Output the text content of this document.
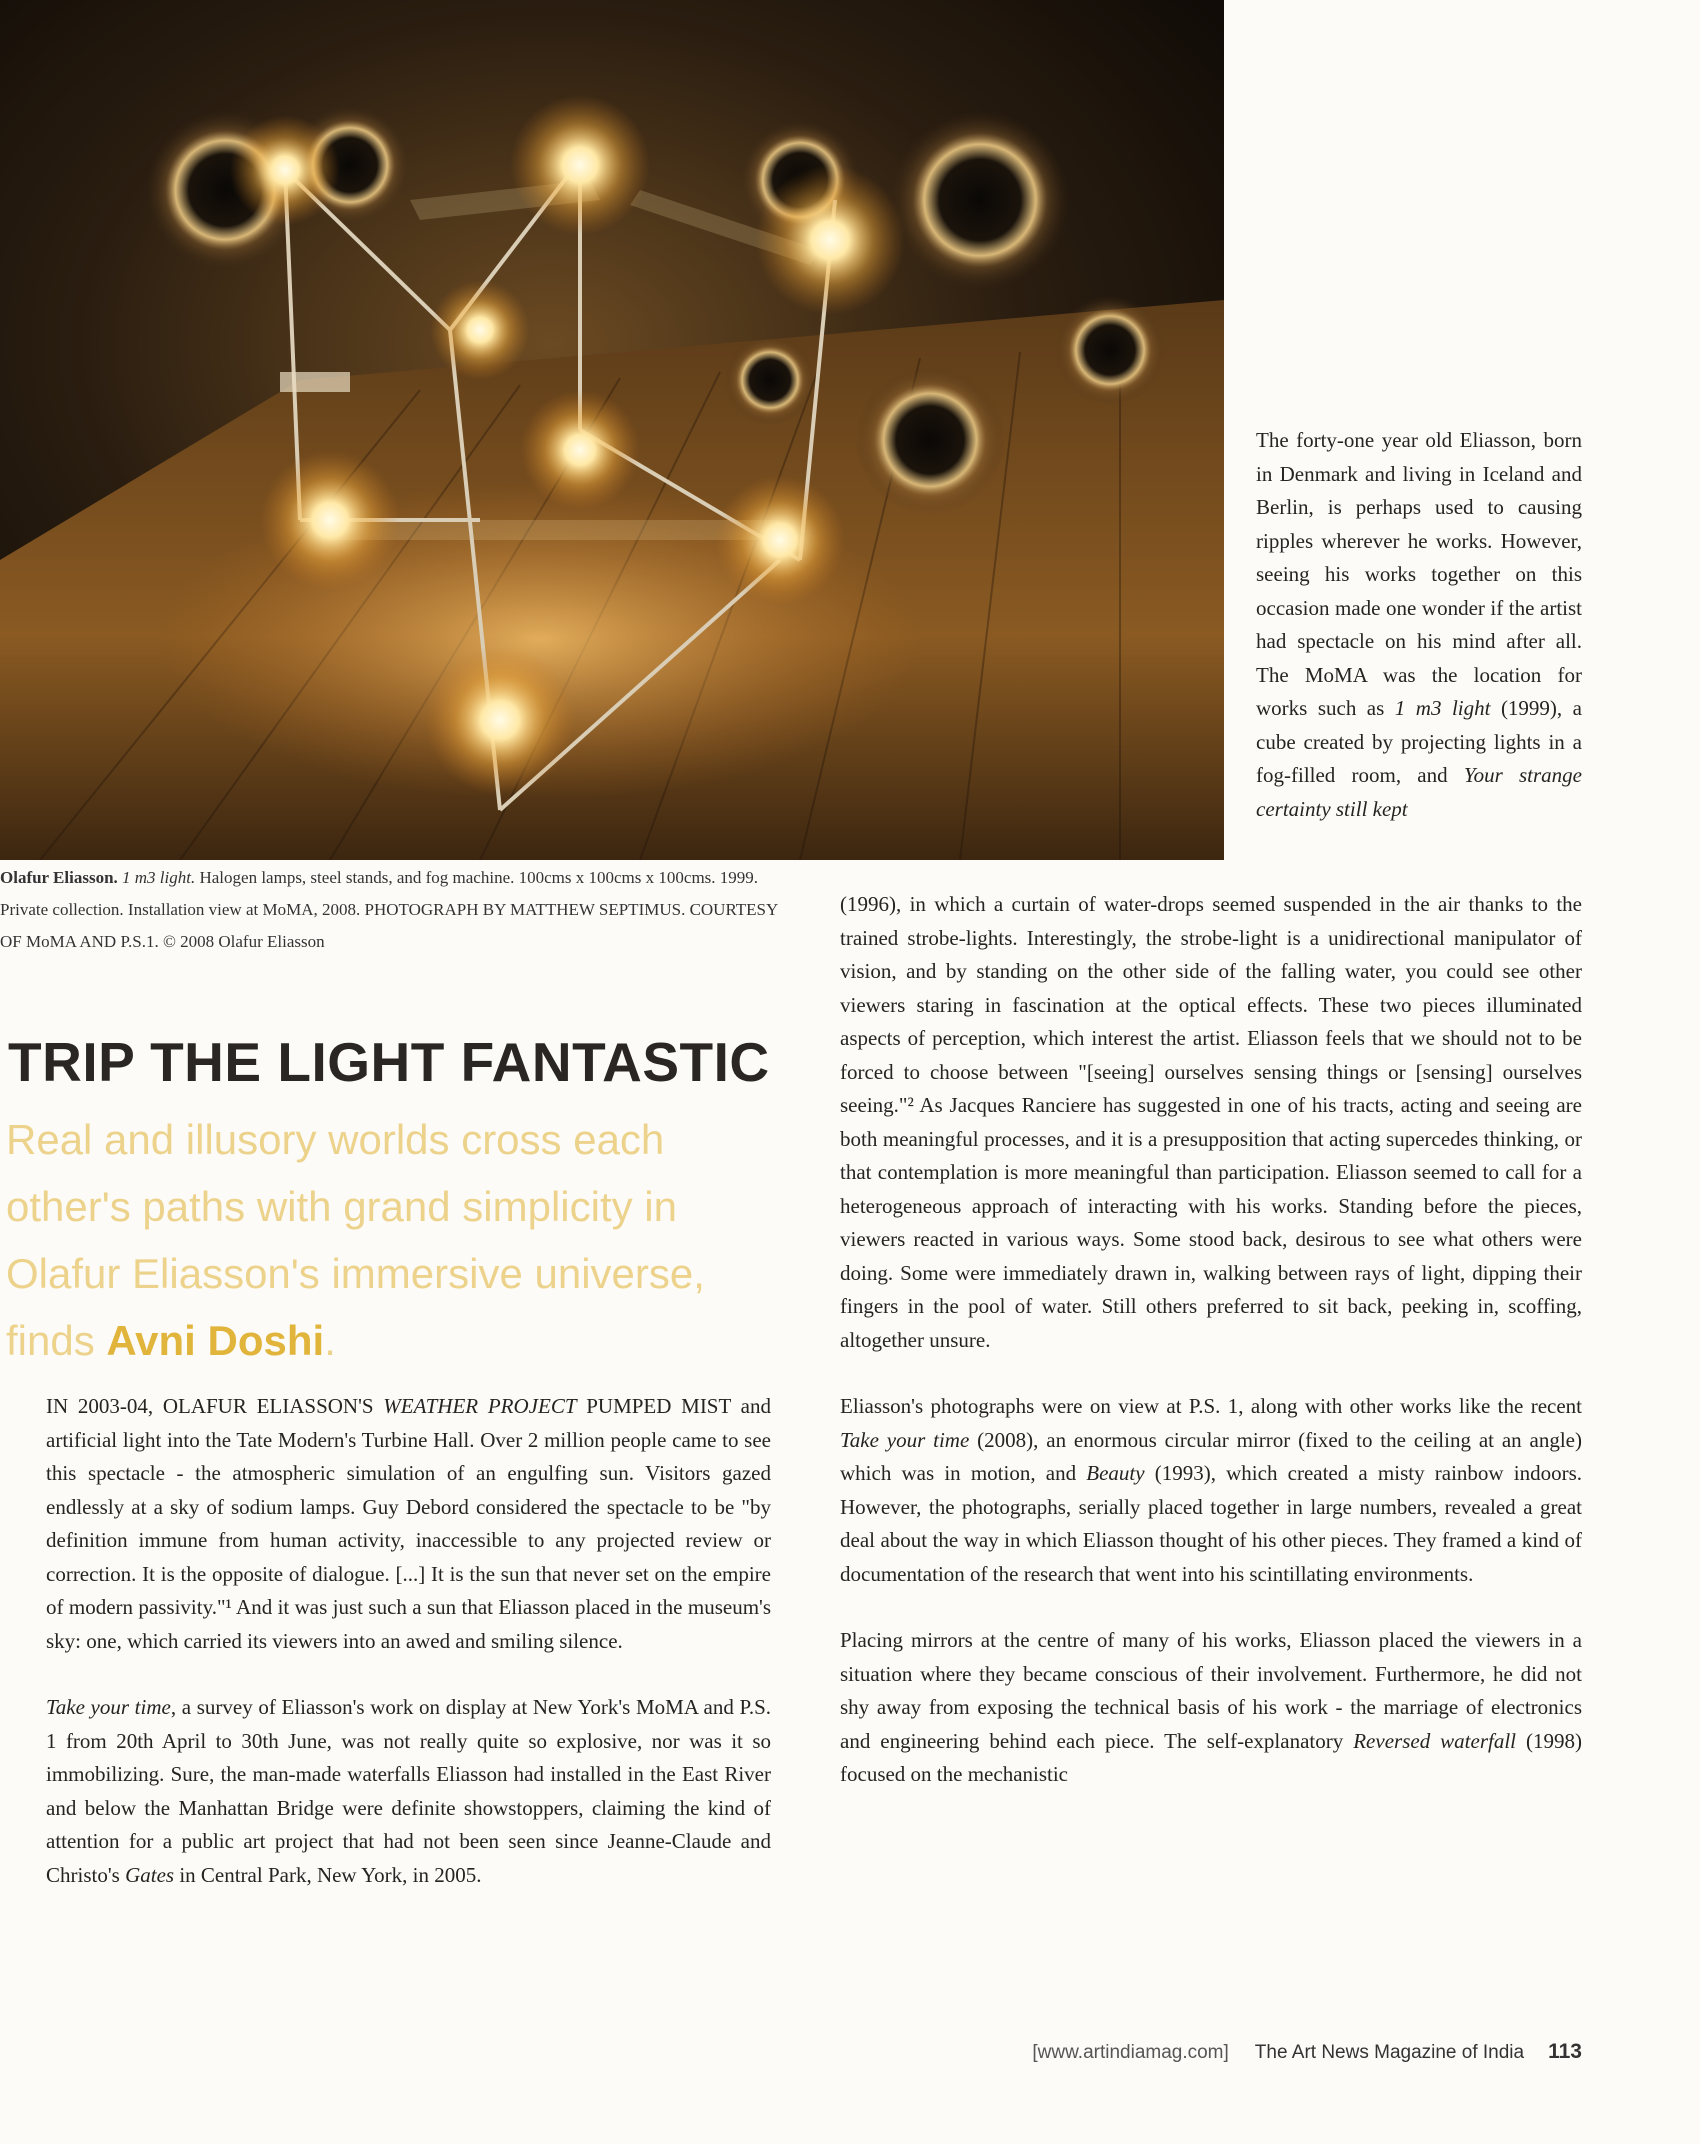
Olafur Eliasson. 1 m3 light. Halogen lamps, steel stands, and fog machine. 100cms x 100cms x 100cms. 1999. Private collection. Installation view at MoMA, 2008. PHOTOGRAPH BY MATTHEW SEPTIMUS. COURTESY OF MoMA AND P.S.1. © 2008 Olafur Eliasson
TRIP THE LIGHT FANTASTIC

Real and illusory worlds cross each other's paths with grand simplicity in Olafur Eliasson's immersive universe, finds Avni Doshi.

IN 2003-04, OLAFUR ELIASSON'S WEATHER PROJECT PUMPED MIST and artificial light into the Tate Modern's Turbine Hall. Over 2 million people came to see this spectacle - the atmospheric simulation of an engulfing sun. Visitors gazed endlessly at a sky of sodium lamps. Guy Debord considered the spectacle to be "by definition immune from human activity, inaccessible to any projected review or correction. It is the opposite of dialogue. [...] It is the sun that never set on the empire of modern passivity."¹ And it was just such a sun that Eliasson placed in the museum's sky: one, which carried its viewers into an awed and smiling silence.

Take your time, a survey of Eliasson's work on display at New York's MoMA and P.S. 1 from 20th April to 30th June, was not really quite so explosive, nor was it so immobilizing. Sure, the man-made waterfalls Eliasson had installed in the East River and below the Manhattan Bridge were definite showstoppers, claiming the kind of attention for a public art project that had not been seen since Jeanne-Claude and Christo's Gates in Central Park, New York, in 2005.

The forty-one year old Eliasson, born in Denmark and living in Iceland and Berlin, is perhaps used to causing ripples wherever he works. However, seeing his works together on this occasion made one wonder if the artist had spectacle on his mind after all. The MoMA was the location for works such as 1 m3 light (1999), a cube created by projecting lights in a fog-filled room, and Your strange certainty still kept

(1996), in which a curtain of water-drops seemed suspended in the air thanks to the trained strobe-lights. Interestingly, the strobe-light is a unidirectional manipulator of vision, and by standing on the other side of the falling water, you could see other viewers staring in fascination at the optical effects. These two pieces illuminated aspects of perception, which interest the artist. Eliasson feels that we should not to be forced to choose between "[seeing] ourselves sensing things or [sensing] ourselves seeing."² As Jacques Ranciere has suggested in one of his tracts, acting and seeing are both meaningful processes, and it is a presupposition that acting supercedes thinking, or that contemplation is more meaningful than participation. Eliasson seemed to call for a heterogeneous approach of interacting with his works. Standing before the pieces, viewers reacted in various ways. Some stood back, desirous to see what others were doing. Some were immediately drawn in, walking between rays of light, dipping their fingers in the pool of water. Still others preferred to sit back, peeking in, scoffing, altogether unsure.

Eliasson's photographs were on view at P.S. 1, along with other works like the recent Take your time (2008), an enormous circular mirror (fixed to the ceiling at an angle) which was in motion, and Beauty (1993), which created a misty rainbow indoors. However, the photographs, serially placed together in large numbers, revealed a great deal about the way in which Eliasson thought of his other pieces. They framed a kind of documentation of the research that went into his scintillating environments.

Placing mirrors at the centre of many of his works, Eliasson placed the viewers in a situation where they became conscious of their involvement. Furthermore, he did not shy away from exposing the technical basis of his work - the marriage of electronics and engineering behind each piece. The self-explanatory Reversed waterfall (1998) focused on the mechanistic

[www.artindiamag.com] The Art News Magazine of India 113
